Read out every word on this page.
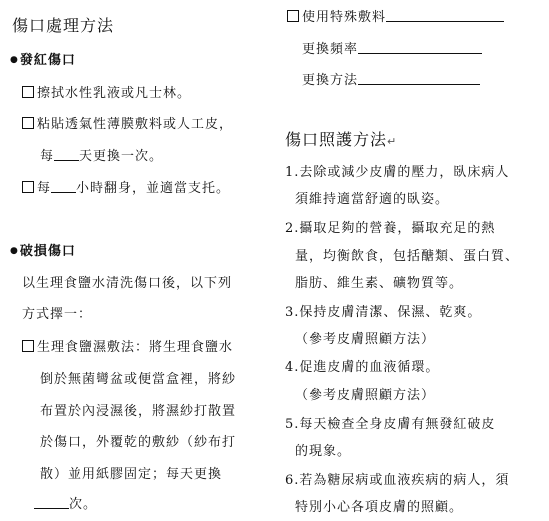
傷口處理方法
●發紅傷口
擦拭水性乳液或凡士林。
粘貼透氣性薄膜敷料或人工皮，
每 天更換一次。
每 小時翻身，並適當支托。
●破損傷口
以生理食鹽水清洗傷口後，以下列
方式擇一：
生理食鹽濕敷法：將生理食鹽水
倒於無菌彎盆或便當盒裡，將紗
布置於內浸濕後，將濕紗打散置
於傷口，外覆乾的敷紗（紗布打
散）並用紙膠固定；每天更換
次。
使用特殊敷料
更換頻率
更換方法
傷口照護方法↵
1.去除或減少皮膚的壓力，臥床病人
須維持適當舒適的臥姿。
2.攝取足夠的營養，攝取充足的熱
量，均衡飲食，包括醣類、蛋白質、
脂肪、維生素、礦物質等。
3.保持皮膚清潔、保濕、乾爽。
（參考皮膚照顧方法）
4.促進皮膚的血液循環。
（參考皮膚照顧方法）
5.每天檢查全身皮膚有無發紅破皮
的現象。
6.若為糖尿病或血液疾病的病人，須
特別小心各項皮膚的照顧。
